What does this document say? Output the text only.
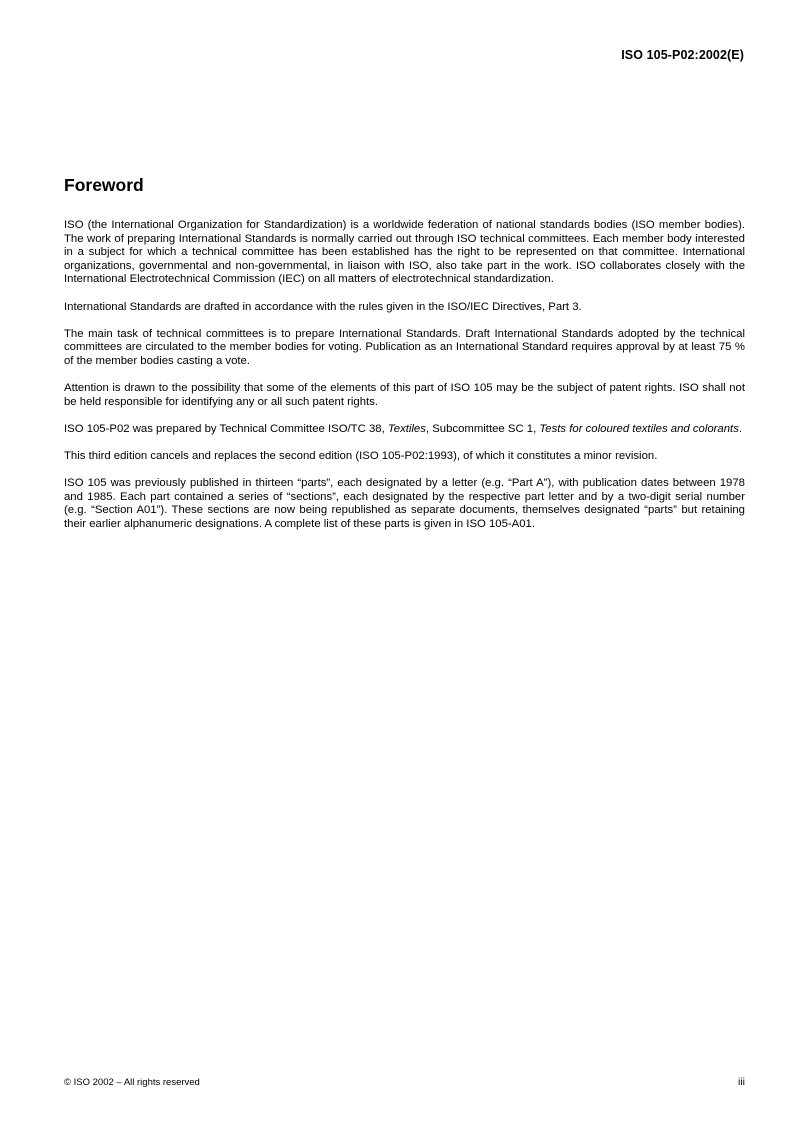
ISO 105-P02:2002(E)
Foreword

ISO (the International Organization for Standardization) is a worldwide federation of national standards bodies (ISO member bodies). The work of preparing International Standards is normally carried out through ISO technical committees. Each member body interested in a subject for which a technical committee has been established has the right to be represented on that committee. International organizations, governmental and non-governmental, in liaison with ISO, also take part in the work. ISO collaborates closely with the International Electrotechnical Commission (IEC) on all matters of electrotechnical standardization.

International Standards are drafted in accordance with the rules given in the ISO/IEC Directives, Part 3.

The main task of technical committees is to prepare International Standards. Draft International Standards adopted by the technical committees are circulated to the member bodies for voting. Publication as an International Standard requires approval by at least 75 % of the member bodies casting a vote.

Attention is drawn to the possibility that some of the elements of this part of ISO 105 may be the subject of patent rights. ISO shall not be held responsible for identifying any or all such patent rights.

ISO 105-P02 was prepared by Technical Committee ISO/TC 38, Textiles, Subcommittee SC 1, Tests for coloured textiles and colorants.

This third edition cancels and replaces the second edition (ISO 105-P02:1993), of which it constitutes a minor revision.

ISO 105 was previously published in thirteen “parts”, each designated by a letter (e.g. “Part A”), with publication dates between 1978 and 1985. Each part contained a series of “sections”, each designated by the respective part letter and by a two-digit serial number (e.g. “Section A01”). These sections are now being republished as separate documents, themselves designated “parts” but retaining their earlier alphanumeric designations. A complete list of these parts is given in ISO 105-A01.

© ISO 2002 – All rights reserved	iii
